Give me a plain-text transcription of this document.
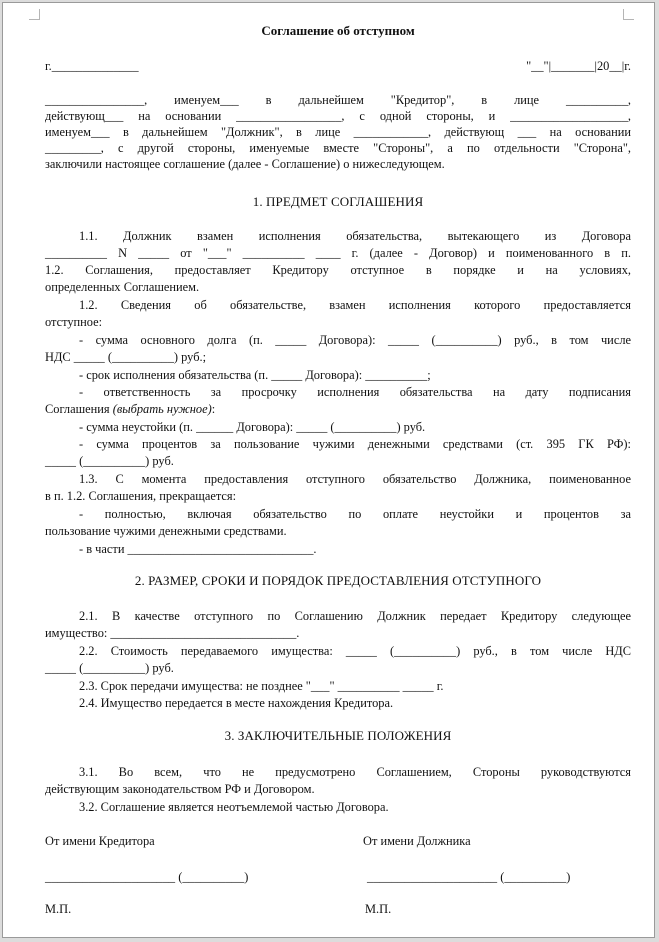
Соглашение об отступном
г.______________	"__"|_______|20__|г.
________________, именуем___ в дальнейшем "Кредитор", в лице __________,
действующ___ на основании _________________, с одной стороны, и ___________________,
именуем___ в дальнейшем "Должник", в лице ____________, действующ ___ на основании
_________, с другой стороны, именуемые вместе "Стороны", а по отдельности "Сторона",
заключили настоящее соглашение (далее - Соглашение) о нижеследующем.
1. ПРЕДМЕТ СОГЛАШЕНИЯ
1.1. Должник взамен исполнения обязательства, вытекающего из Договора
__________ N _____ от "___" __________ ____ г. (далее - Договор) и поименованного в п.
1.2. Соглашения, предоставляет Кредитору отступное в порядке и на условиях,
определенных Соглашением.
1.2. Сведения об обязательстве, взамен исполнения которого предоставляется
отступное:
- сумма основного долга (п. _____ Договора): _____ (__________) руб., в том числе
НДС _____ (__________) руб.;
- срок исполнения обязательства (п. _____ Договора): __________;
- ответственность за просрочку исполнения обязательства на дату подписания
Соглашения (выбрать нужное):
- сумма неустойки (п. ______ Договора): _____ (__________) руб.
- сумма процентов за пользование чужими денежными средствами (ст. 395 ГК РФ):
_____ (__________) руб.
1.3. С момента предоставления отступного обязательство Должника, поименованное
в п. 1.2. Соглашения, прекращается:
- полностью, включая обязательство по оплате неустойки и процентов за
пользование чужими денежными средствами.
- в части ______________________________.
2. РАЗМЕР, СРОКИ И ПОРЯДОК ПРЕДОСТАВЛЕНИЯ ОТСТУПНОГО
2.1. В качестве отступного по Соглашению Должник передает Кредитору следующее
имущество: ______________________________.
2.2. Стоимость передаваемого имущества: _____ (__________) руб., в том числе НДС
_____ (__________) руб.
2.3. Срок передачи имущества: не позднее "___" __________ _____ г.
2.4. Имущество передается в месте нахождения Кредитора.
3. ЗАКЛЮЧИТЕЛЬНЫЕ ПОЛОЖЕНИЯ
3.1. Во всем, что не предусмотрено Соглашением, Стороны руководствуются
действующим законодательством РФ и Договором.
3.2. Соглашение является неотъемлемой частью Договора.
От имени Кредитора	От имени Должника
_____________________ (__________)	_____________________ (__________)
М.П.	М.П.
